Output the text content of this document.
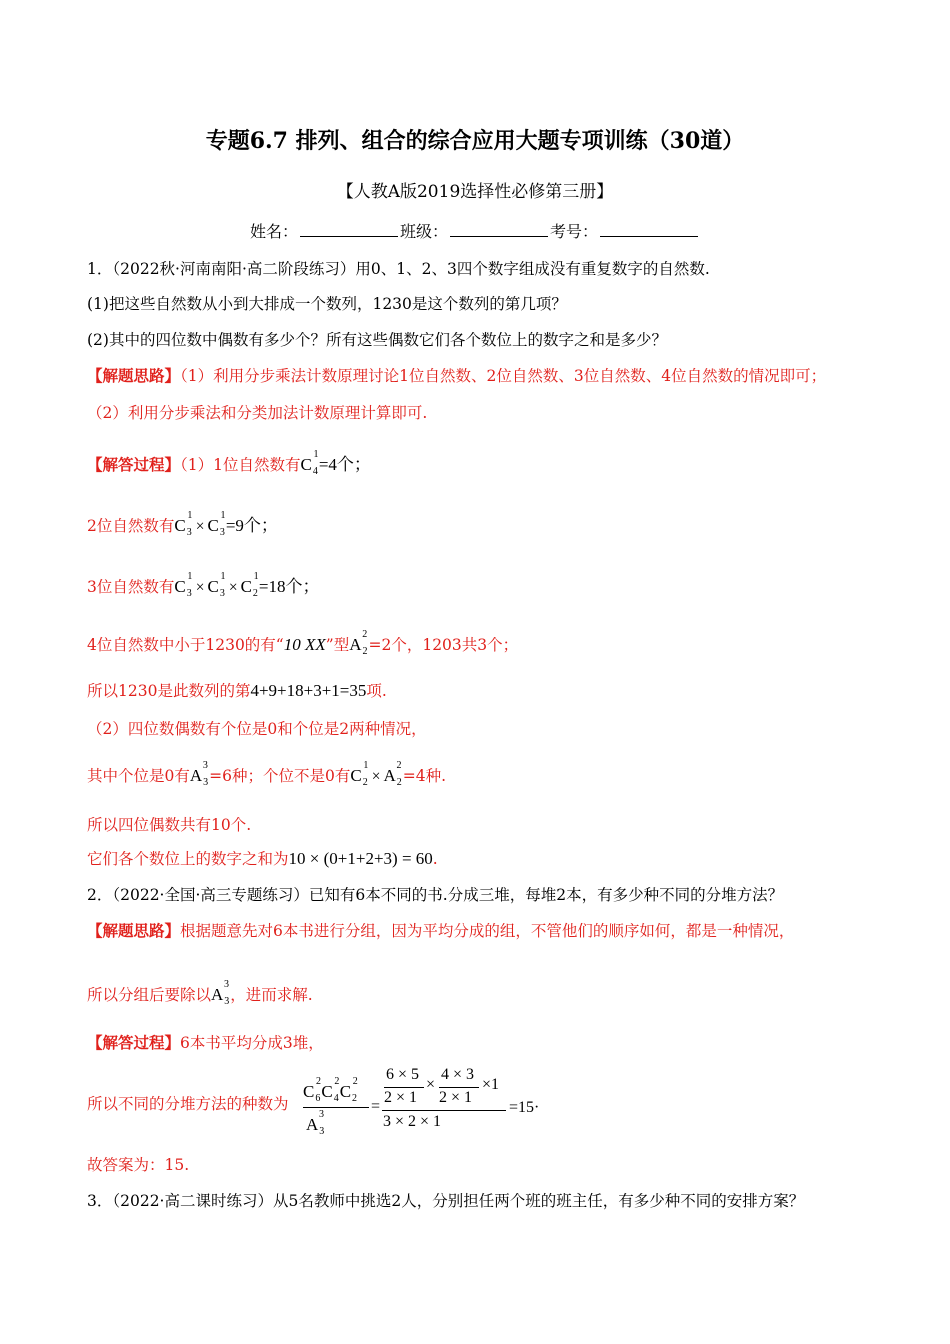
专题6.7 排列、组合的综合应用大题专项训练（30道）
【人教A版2019选择性必修第三册】
姓名：	班级：	考号：
1．（2022秋·河南南阳·高二阶段练习）用0、1、2、3四个数字组成没有重复数字的自然数.
(1)把这些自然数从小到大排成一个数列，1230是这个数列的第几项？
(2)其中的四位数中偶数有多少个？所有这些偶数它们各个数位上的数字之和是多少？
【解题思路】（1）利用分步乘法计数原理讨论1位自然数、2位自然数、3位自然数、4位自然数的情况即可；
（2）利用分步乘法和分类加法计数原理计算即可.
【解答过程】（1）1位自然数有C
1
$_4$=4个；
2位自然数有C
1
$_3$ × C
1
$_3$=9个；
3位自然数有C
1
$_3$ × C
1
$_3$ × C
1
$_2$=18个；
4位自然数中小于1230的有“10 XX”型A
2
$_2$=2个，1203共3个；
所以1230是此数列的第4+9+18+3+1=35项.
（2）四位数偶数有个位是0和个位是2两种情况，
其中个位是0有A
3
$_3$=6种；个位不是0有C
1
$_2$ × A
2
$_2$=4种.
所以四位偶数共有10个.
它们各个数位上的数字之和为10 × (0+1+2+3) = 60.
2．（2022·全国·高三专题练习）已知有6本不同的书.分成三堆，每堆2本，有多少种不同的分堆方法？
【解题思路】根据题意先对6本书进行分组，因为平均分成的组，不管他们的顺序如何，都是一种情况，
所以分组后要除以A
3
$_3$，进而求解.
【解答过程】6本书平均分成3堆，
所以不同的分堆方法的种数为
C
2
$_6$C
2
$_4$C
2
$_2$
A
3
$_3$
=
6 × 5
2 × 1
×
4 × 3
2 × 1
×1
3 × 2 × 1
=15·
故答案为：15.
3．（2022·高二课时练习）从5名教师中挑选2人，分别担任两个班的班主任，有多少种不同的安排方案？
